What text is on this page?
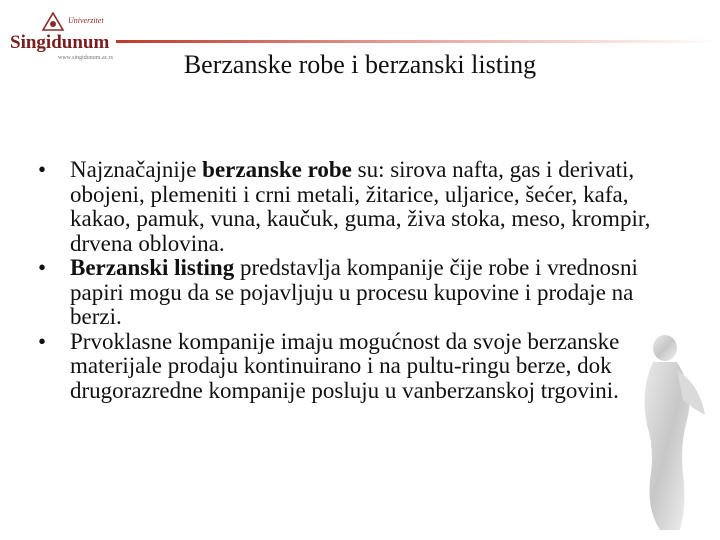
Univerzitet
Singidunum
www.singidunum.ac.rs	Berzanske robe i berzanski listing

• Najznačajnije berzanske robe su: sirova nafta, gas i derivati, obojeni, plemeniti i crni metali, žitarice, uljarice, šećer, kafa, kakao, pamuk, vuna, kaučuk, guma, živa stoka, meso, krompir, drvena oblovina.

• Berzanski listing predstavlja kompanije čije robe i vrednosni papiri mogu da se pojavljuju u procesu kupovine i prodaje na berzi.

• Prvoklasne kompanije imaju mogućnost da svoje berzanske materijale prodaju kontinuirano i na pultu-ringu berze, dok drugorazredne kompanije posluju u vanberzanskoj trgovini.
